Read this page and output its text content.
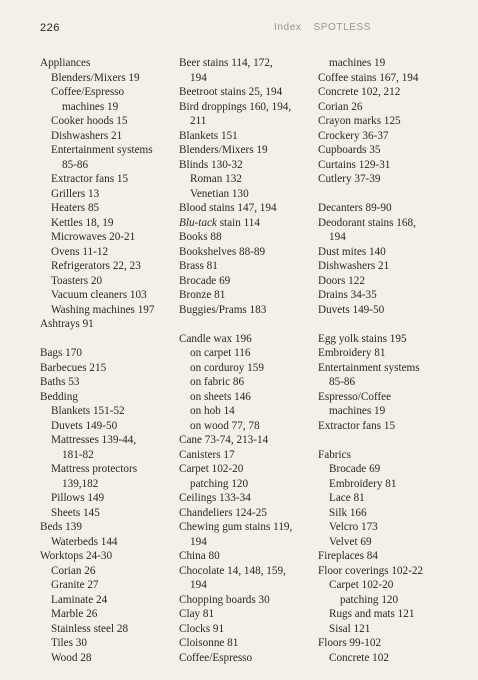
226	Index SPOTLESS
Appliances
Blenders/Mixers 19
Coffee/Espresso
machines 19
Cooker hoods 15
Dishwashers 21
Entertainment systems
85-86
Extractor fans 15
Grillers 13
Heaters 85
Kettles 18, 19
Microwaves 20-21
Ovens 11-12
Refrigerators 22, 23
Toasters 20
Vacuum cleaners 103
Washing machines 197
Ashtrays 91
Bags 170
Barbecues 215
Baths 53
Bedding
Blankets 151-52
Duvets 149-50
Mattresses 139-44,
181-82
Mattress protectors
139,182
Pillows 149
Sheets 145
Beds 139
Waterbeds 144
Worktops 24-30
Corian 26
Granite 27
Laminate 24
Marble 26
Stainless steel 28
Tiles 30
Wood 28
Beer stains 114, 172,
194
Beetroot stains 25, 194
Bird droppings 160, 194,
211
Blankets 151
Blenders/Mixers 19
Blinds 130-32
Roman 132
Venetian 130
Blood stains 147, 194
Blu-tack stain 114
Books 88
Bookshelves 88-89
Brass 81
Brocade 69
Bronze 81
Buggies/Prams 183
Candle wax 196
on carpet 116
on corduroy 159
on fabric 86
on sheets 146
on hob 14
on wood 77, 78
Cane 73-74, 213-14
Canisters 17
Carpet 102-20
patching 120
Ceilings 133-34
Chandeliers 124-25
Chewing gum stains 119,
194
China 80
Chocolate 14, 148, 159,
194
Chopping boards 30
Clay 81
Clocks 91
Cloisonne 81
Coffee/Espresso
machines 19
Coffee stains 167, 194
Concrete 102, 212
Corian 26
Crayon marks 125
Crockery 36-37
Cupboards 35
Curtains 129-31
Cutlery 37-39
Decanters 89-90
Deodorant stains 168,
194
Dust mites 140
Dishwashers 21
Doors 122
Drains 34-35
Duvets 149-50
Egg yolk stains 195
Embroidery 81
Entertainment systems
85-86
Espresso/Coffee
machines 19
Extractor fans 15
Fabrics
Brocade 69
Embroidery 81
Lace 81
Silk 166
Velcro 173
Velvet 69
Fireplaces 84
Floor coverings 102-22
Carpet 102-20
patching 120
Rugs and mats 121
Sisal 121
Floors 99-102
Concrete 102
